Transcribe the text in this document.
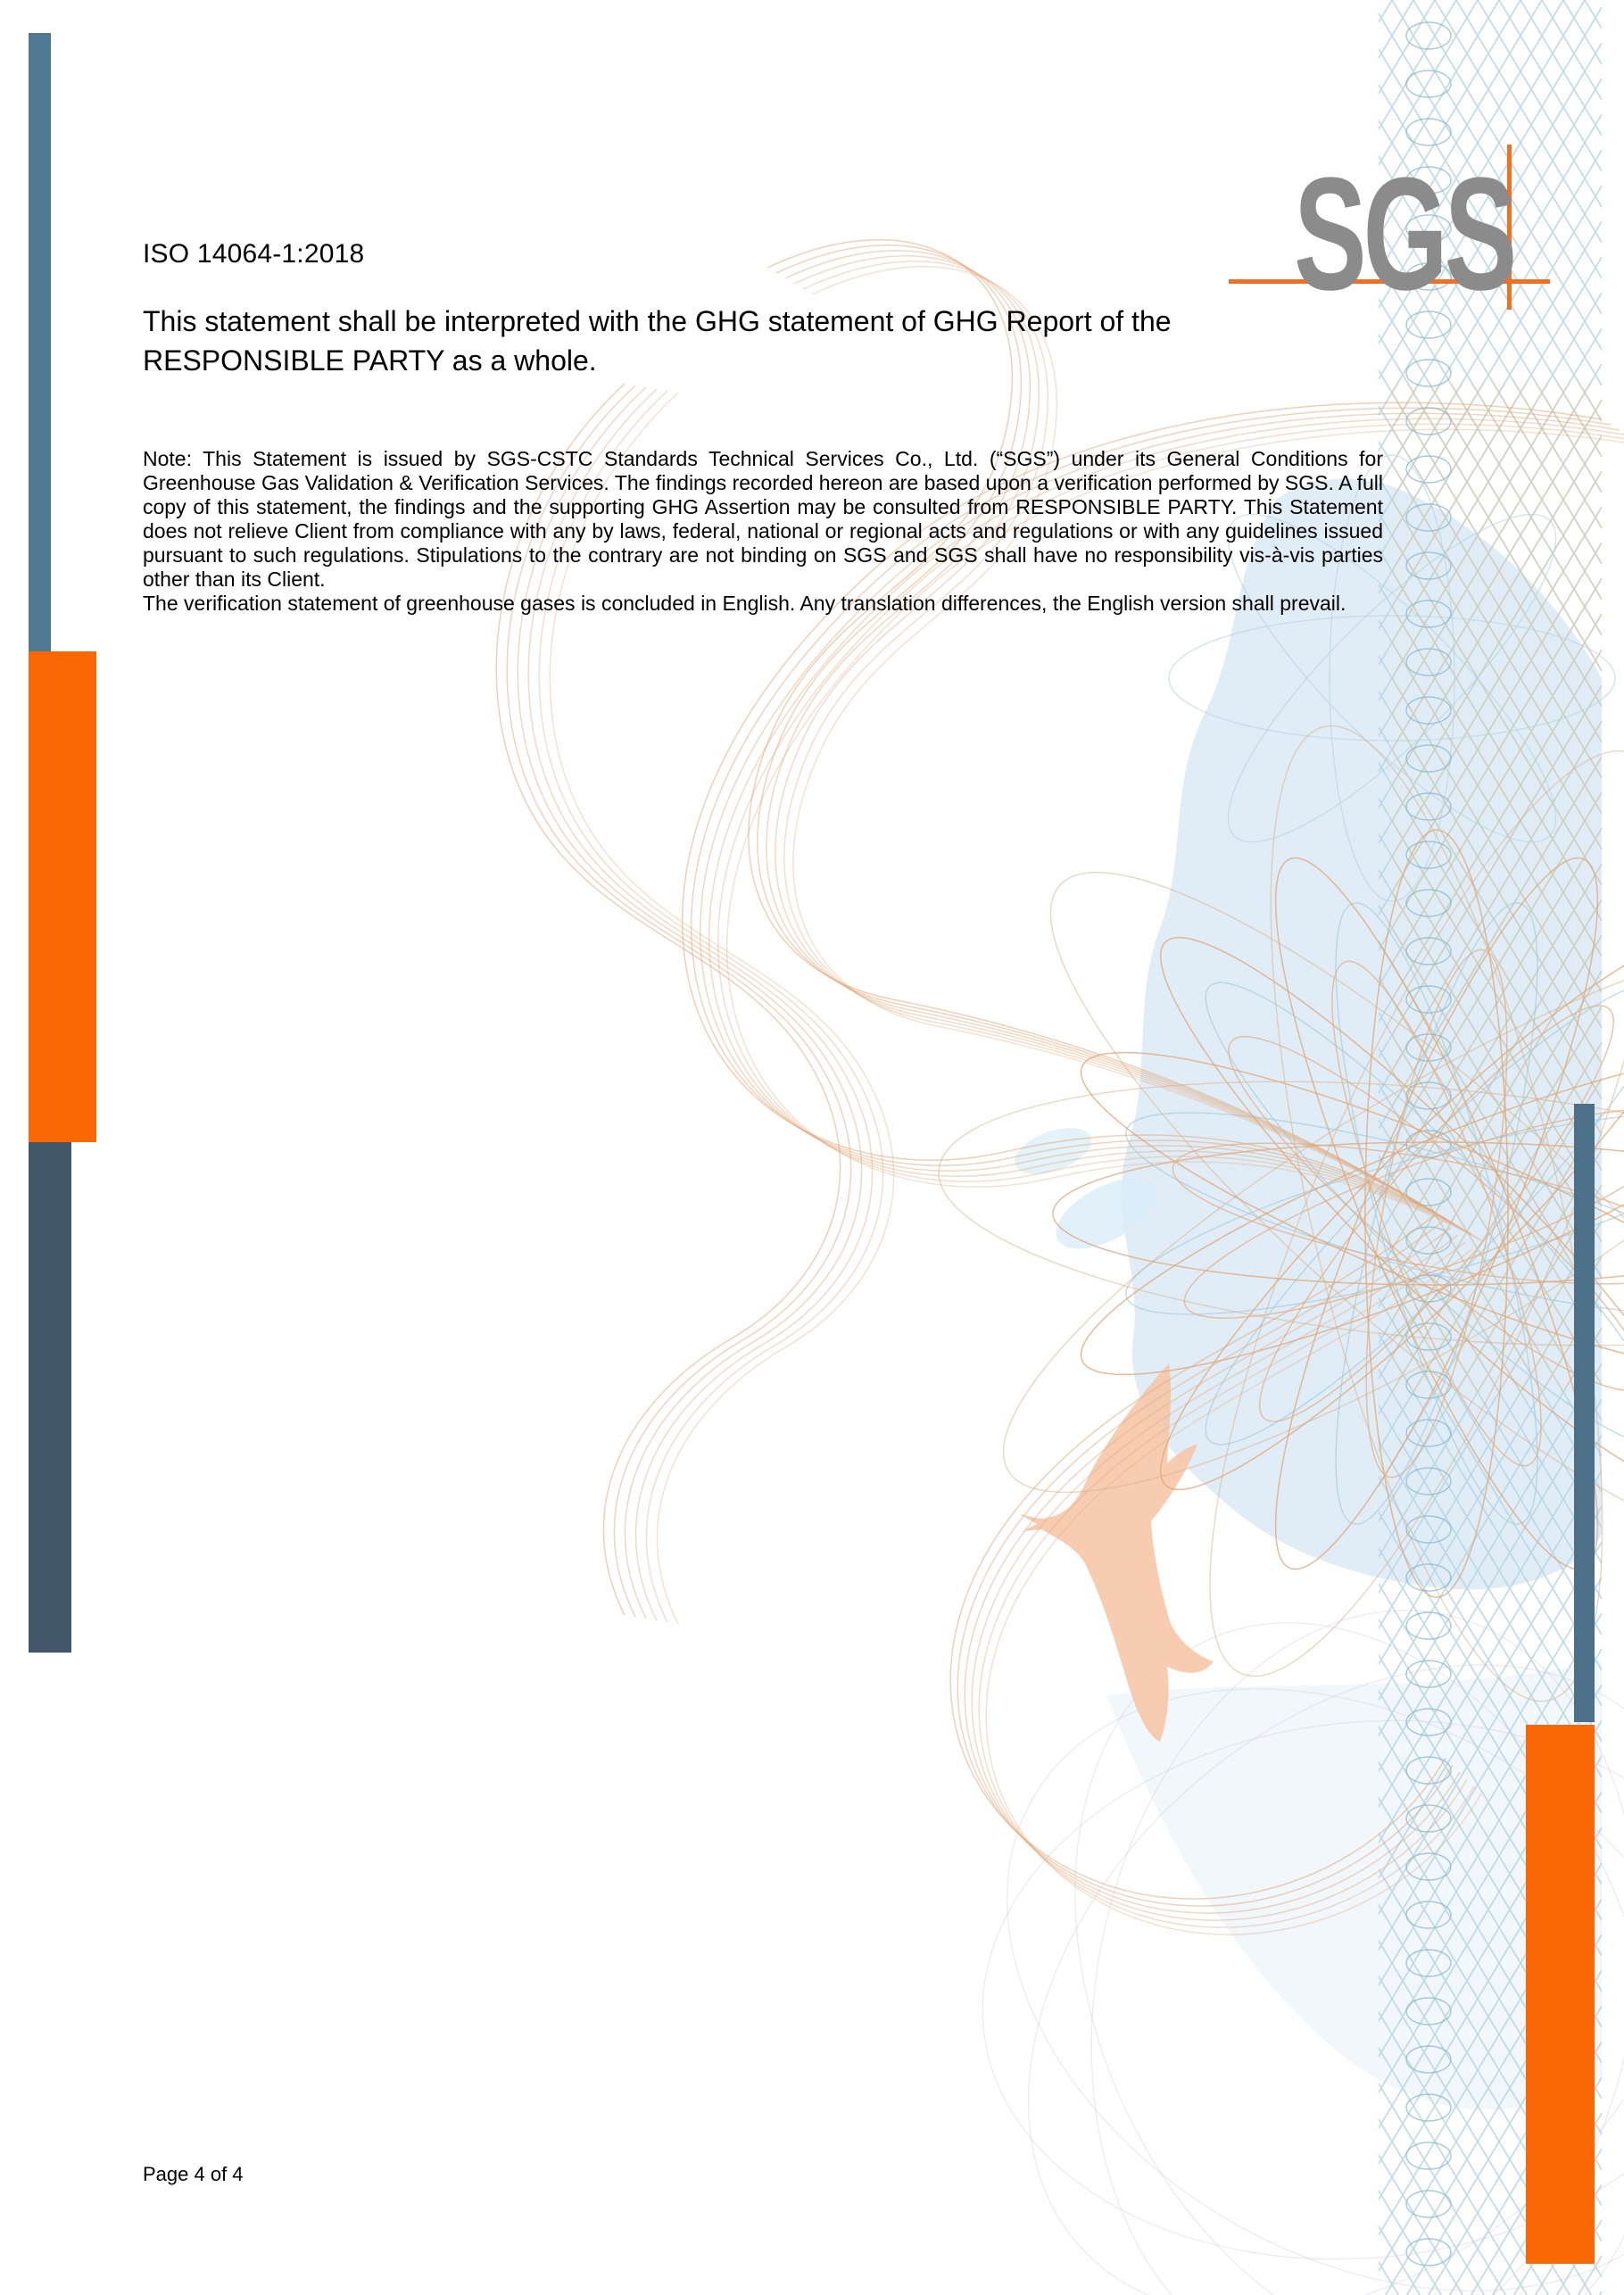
SGS
ISO 14064-1:2018
This statement shall be interpreted with the GHG statement of GHG Report of the RESPONSIBLE PARTY as a whole.

Note: This Statement is issued by SGS-CSTC Standards Technical Services Co., Ltd. (“SGS”) under its General Conditions for Greenhouse Gas Validation & Verification Services. The findings recorded hereon are based upon a verification performed by SGS. A full copy of this statement, the findings and the supporting GHG Assertion may be consulted from RESPONSIBLE PARTY. This Statement does not relieve Client from compliance with any by laws, federal, national or regional acts and regulations or with any guidelines issued pursuant to such regulations. Stipulations to the contrary are not binding on SGS and SGS shall have no responsibility vis-à-vis parties other than its Client.

The verification statement of greenhouse gases is concluded in English. Any translation differences, the English version shall prevail.

Page 4 of 4
